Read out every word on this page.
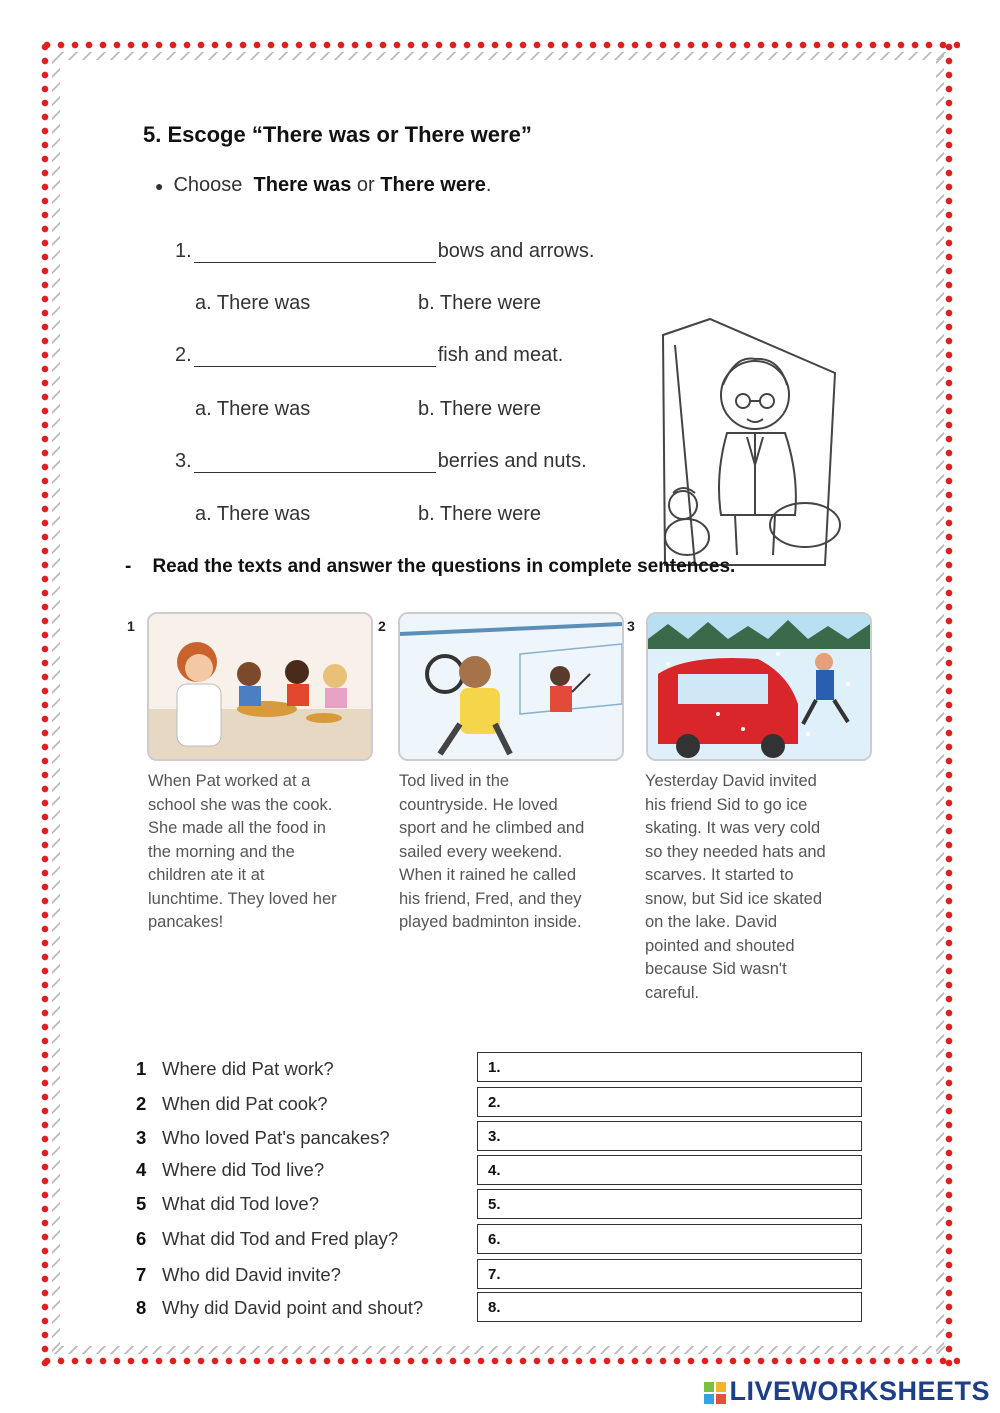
5. Escoge “There was or There were”
● Choose There was or There were.
1.	bows and arrows.
a. There was	b. There were
2.	fish and meat.
a. There was	b. There were
3.	berries and nuts.
a. There was	b. There were
- Read the texts and answer the questions in complete sentences.
1
When Pat worked at a
school she was the cook.
She made all the food in
the morning and the
children ate it at
lunchtime. They loved her
pancakes!
2
Tod lived in the
countryside. He loved
sport and he climbed and
sailed every weekend.
When it rained he called
his friend, Fred, and they
played badminton inside.
3
Yesterday David invited
his friend Sid to go ice
skating. It was very cold
so they needed hats and
scarves. It started to
snow, but Sid ice skated
on the lake. David
pointed and shouted
because Sid wasn't
careful.
1 Where did Pat work?	1.
2 When did Pat cook?	2.
3 Who loved Pat's pancakes?	3.
4 Where did Tod live?	4.
5 What did Tod love?	5.
6 What did Tod and Fred play?	6.
7 Who did David invite?	7.
8 Why did David point and shout?	8.
LIVEWORKSHEETS
